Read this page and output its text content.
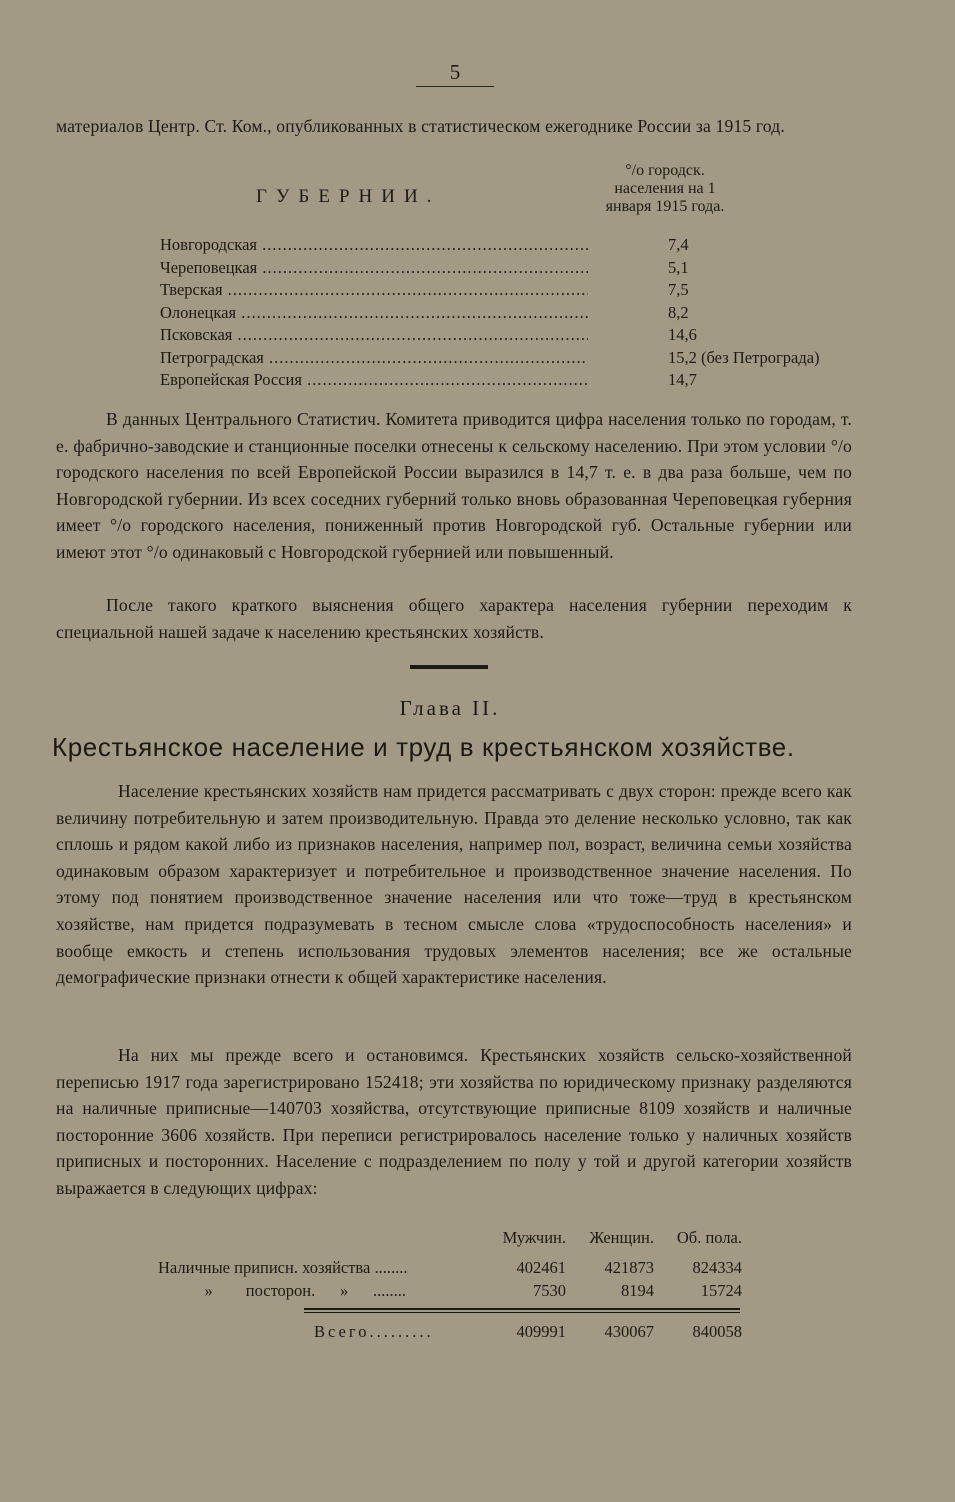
5

материалов Центр. Ст. Ком., опубликованных в статистическом ежегоднике России за 1915 год.

ГУБЕРНИИ.
°/о городск. населения на 1 января 1915 года.
Новгородская .....	7,4
Череповецкая .....	5,1
Тверская .....	7,5
Олонецкая .....	8,2
Псковская .....	14,6
Петроградская .....	15,2 (без Петрограда)
Европейская Россия .....	14,7

В данных Центрального Статистич. Комитета приводится цифра населения только по городам, т. е. фабрично-заводские и станционные поселки отнесены к сельскому населению. При этом условии °/о городского населения по всей Европейской России выразился в 14,7 т. е. в два раза больше, чем по Новгородской губернии. Из всех соседних губерний только вновь образованная Череповецкая губерния имеет °/о городского населения, пониженный против Новгородской губ. Остальные губернии или имеют этот °/о одинаковый с Новгородской губернией или повышенный.

После такого краткого выяснения общего характера населения губернии переходим к специальной нашей задаче к населению крестьянских хозяйств.

Глава II.
Крестьянское население и труд в крестьянском хозяйстве.

Население крестьянских хозяйств нам придется рассматривать с двух сторон: прежде всего как величину потребительную и затем производительную. Правда это деление несколько условно, так как сплошь и рядом какой либо из признаков населения, например пол, возраст, величина семьи хозяйства одинаковым образом характеризует и потребительное и производственное значение населения. По этому под понятием производственное значение населения или что тоже—труд в крестьянском хозяйстве, нам придется подразумевать в тесном смысле слова «трудоспособность населения» и вообще емкость и степень использования трудовых элементов населения; все же остальные демографические признаки отнести к общей характеристике населения.

На них мы прежде всего и остановимся. Крестьянских хозяйств сельско-хозяйственной переписью 1917 года зарегистрировано 152418; эти хозяйства по юридическому признаку разделяются на наличные приписные—140703 хозяйства, отсутствующие приписные 8109 хозяйств и наличные посторонние 3606 хозяйств. При переписи регистрировалось население только у наличных хозяйств приписных и посторонних. Население с подразделением по полу у той и другой категории хозяйств выражается в следующих цифрах:

Мужчин.	Женщин.	Об. пола.
Наличные приписн. хозяйства ........	402461	421873	824334
»        посторон.      »      ........	7530	8194	15724
Всего.........	409991	430067	840058
